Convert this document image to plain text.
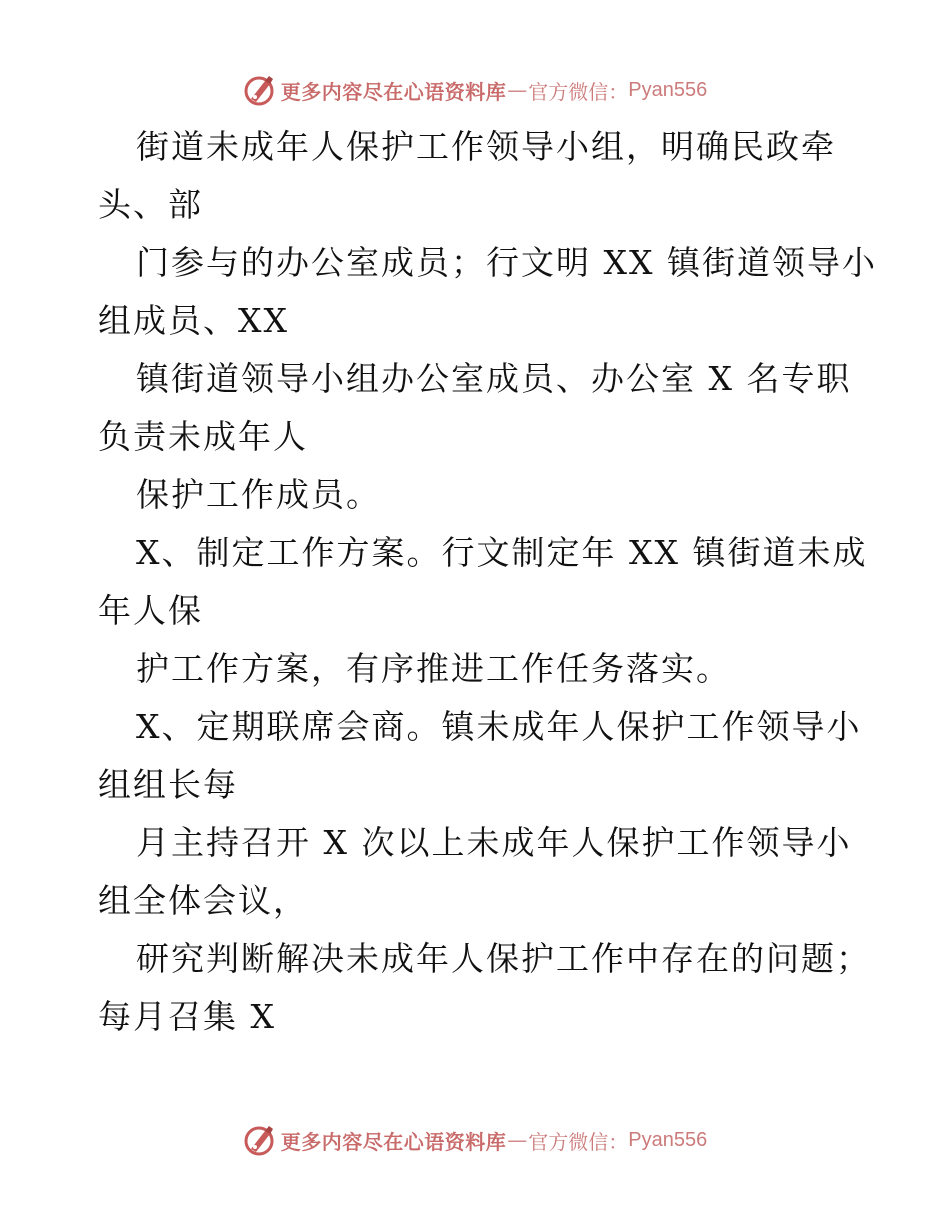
更多内容尽在心语资料库 — 官方微信： Pyan556
街道未成年人保护工作领导小组，明确民政牵
头、部
门参与的办公室成员；行文明 XX 镇街道领导小
组成员、XX
镇街道领导小组办公室成员、办公室 X 名专职
负责未成年人
保护工作成员。
X、制定工作方案。行文制定年 XX 镇街道未成
年人保
护工作方案，有序推进工作任务落实。
X、定期联席会商。镇未成年人保护工作领导小
组组长每
月主持召开 X 次以上未成年人保护工作领导小
组全体会议，
研究判断解决未成年人保护工作中存在的问题；
每月召集 X
更多内容尽在心语资料库 — 官方微信： Pyan556
